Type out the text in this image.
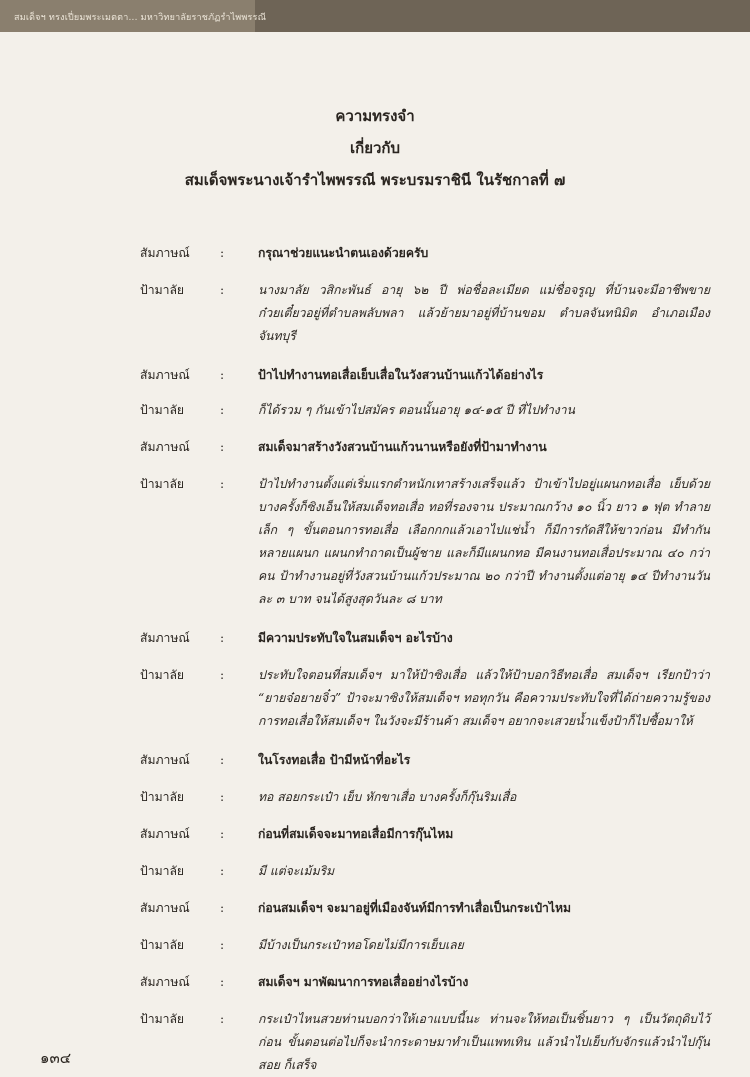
สมเด็จฯ ทรงเปี่ยมพระเมตตา... มหาวิทยาลัยราชภัฏรำไพพรรณี

ความทรงจำ

เกี่ยวกับ

สมเด็จพระนางเจ้ารำไพพรรณี พระบรมราชินี ในรัชกาลที่ ๗

สัมภาษณ์	:	กรุณาช่วยแนะนำตนเองด้วยครับ
ป้ามาลัย	:	นางมาลัย วสิกะพันธ์ อายุ ๖๒ ปี พ่อชื่อละเมียด แม่ชื่อจรูญ ที่บ้านจะมีอาชีพขายก๋วยเตี๋ยวอยู่ที่ตำบลพลับพลา แล้วย้ายมาอยู่ที่บ้านขอม ตำบลจันทนิมิต อำเภอเมืองจันทบุรี
สัมภาษณ์	:	ป้าไปทำงานทอเสื่อเย็บเสื่อในวังสวนบ้านแก้วได้อย่างไร
ป้ามาลัย	:	ก็ได้รวม ๆ กันเข้าไปสมัคร ตอนนั้นอายุ ๑๔-๑๕ ปี ที่ไปทำงาน
สัมภาษณ์	:	สมเด็จมาสร้างวังสวนบ้านแก้วนานหรือยังที่ป้ามาทำงาน
ป้ามาลัย	:	ป้าไปทำงานตั้งแต่เริ่มแรกตำหนักเทาสร้างเสร็จแล้ว ป้าเข้าไปอยู่แผนกทอเสื่อ เย็บด้วย บางครั้งก็ซิงเอ็นให้สมเด็จทอเสื่อ ทอที่รองจาน ประมาณกว้าง ๑๐ นิ้ว ยาว ๑ ฟุต ทำลายเล็ก ๆ ขั้นตอนการทอเสื่อ เลือกกกแล้วเอาไปแช่น้ำ ก็มีการกัดสีให้ขาวก่อน มีทำกันหลายแผนก แผนกทำถาดเป็นผู้ชาย และก็มีแผนกทอ มีคนงานทอเสื่อประมาณ ๔๐ กว่าคน ป้าทำงานอยู่ที่วังสวนบ้านแก้วประมาณ ๒๐ กว่าปี ทำงานตั้งแต่อายุ ๑๔ ปีทำงานวันละ ๓ บาท จนได้สูงสุดวันละ ๘ บาท
สัมภาษณ์	:	มีความประทับใจในสมเด็จฯ อะไรบ้าง
ป้ามาลัย	:	ประทับใจตอนที่สมเด็จฯ มาให้ป้าซิงเสื่อ แล้วให้ป้าบอกวิธีทอเสื่อ สมเด็จฯ เรียกป้าว่า “ยายจ๋อยายจิ๋ว” ป้าจะมาซิงให้สมเด็จฯ ทอทุกวัน คือความประทับใจที่ได้ถ่ายความรู้ของการทอเสื่อให้สมเด็จฯ ในวังจะมีร้านค้า สมเด็จฯ อยากจะเสวยน้ำแข็งป้าก็ไปซื้อมาให้
สัมภาษณ์	:	ในโรงทอเสื่อ ป้ามีหน้าที่อะไร
ป้ามาลัย	:	ทอ สอยกระเป๋า เย็บ หักขาเสื่อ บางครั้งก็กุ๊นริมเสื่อ
สัมภาษณ์	:	ก่อนที่สมเด็จจะมาทอเสื่อมีการกุ๊นไหม
ป้ามาลัย	:	มี แต่จะเม้มริม
สัมภาษณ์	:	ก่อนสมเด็จฯ จะมาอยู่ที่เมืองจันท์มีการทำเสื่อเป็นกระเป๋าไหม
ป้ามาลัย	:	มีบ้างเป็นกระเป๋าทอโดยไม่มีการเย็บเลย
สัมภาษณ์	:	สมเด็จฯ มาพัฒนาการทอเสื่ออย่างไรบ้าง
ป้ามาลัย	:	กระเป๋าไหนสวยท่านบอกว่าให้เอาแบบนี้นะ ท่านจะให้ทอเป็นชิ้นยาว ๆ เป็นวัตถุดิบไว้ก่อน ขั้นตอนต่อไปก็จะนำกระดาษมาทำเป็นแพทเทิน แล้วนำไปเย็บกับจักรแล้วนำไปกุ๊น สอย ก็เสร็จ
๑๓๔
